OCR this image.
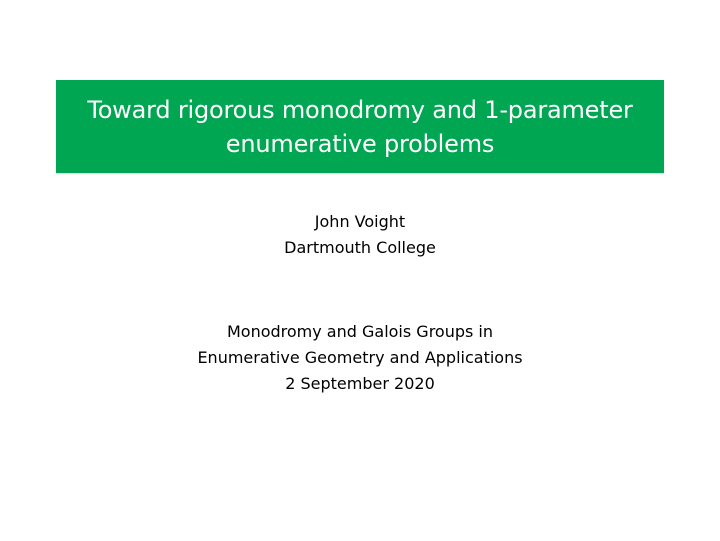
Toward rigorous monodromy and 1-parameter
enumerative problems
John Voight
Dartmouth College
Monodromy and Galois Groups in
Enumerative Geometry and Applications
2 September 2020
